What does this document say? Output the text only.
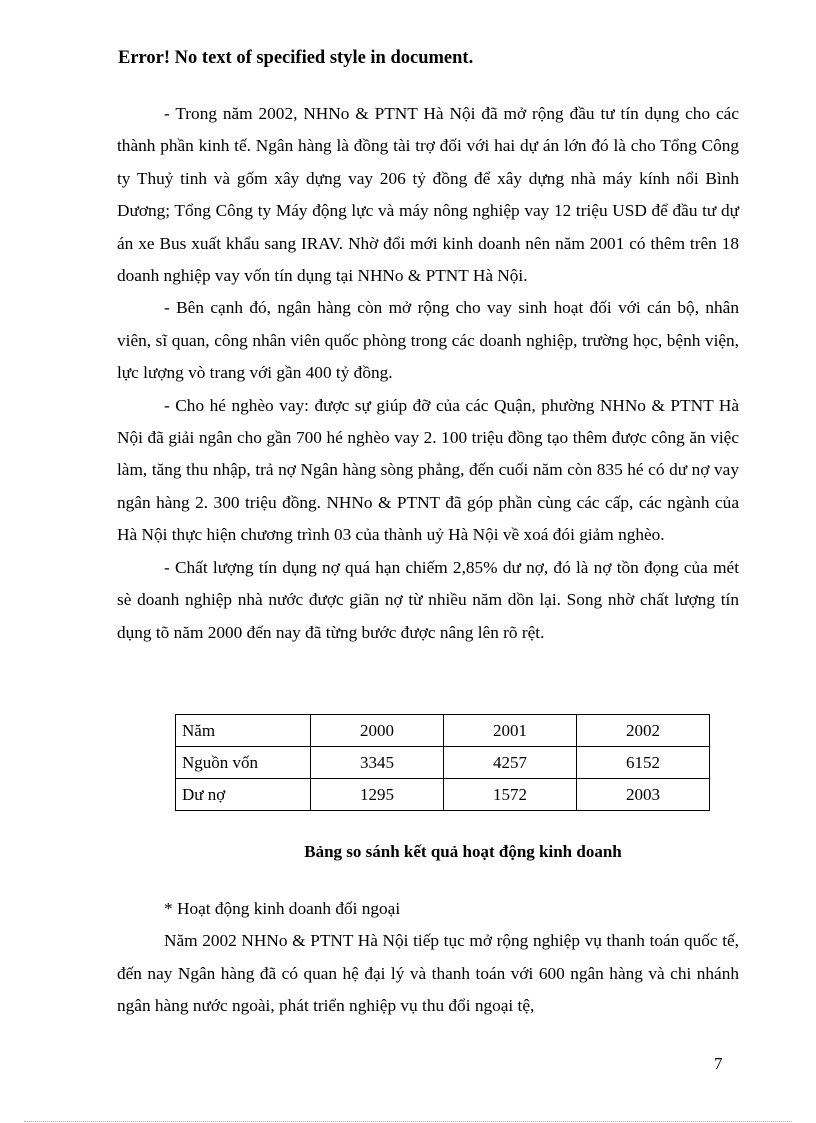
Error! No text of specified style in document.

- Trong năm 2002, NHNo & PTNT Hà Nội đã mở rộng đầu tư tín dụng cho các thành phần kinh tế. Ngân hàng là đồng tài trợ đối với hai dự án lớn đó là cho Tổng Công ty Thuỷ tinh và gốm xây dựng vay 206 tỷ đồng để xây dựng nhà máy kính nổi Bình Dương; Tổng Công ty Máy động lực và máy nông nghiệp vay 12 triệu USD để đầu tư dự án xe Bus xuất khẩu sang IRAV. Nhờ đổi mới kinh doanh nên năm 2001 có thêm trên 18 doanh nghiệp vay vốn tín dụng tại NHNo & PTNT Hà Nội.

- Bên cạnh đó, ngân hàng còn mở rộng cho vay sinh hoạt đối với cán bộ, nhân viên, sĩ quan, công nhân viên quốc phòng trong các doanh nghiệp, trường học, bệnh viện, lực lượng vò trang với gần 400 tỷ đồng.

- Cho hé nghèo vay: được sự giúp đỡ của các Quận, phường NHNo & PTNT Hà Nội đã giải ngân cho gần 700 hé nghèo vay 2. 100 triệu đồng tạo thêm được công ăn việc làm, tăng thu nhập, trả nợ Ngân hàng sòng phẳng, đến cuối năm còn 835 hé có dư nợ vay ngân hàng 2. 300 triệu đồng. NHNo & PTNT đã góp phần cùng các cấp, các ngành của Hà Nội thực hiện chương trình 03 của thành uỷ Hà Nội về xoá đói giảm nghèo.

- Chất lượng tín dụng nợ quá hạn chiếm 2,85% dư nợ, đó là nợ tồn đọng của mét sè doanh nghiệp nhà nước được giãn nợ từ nhiều năm dồn lại. Song nhờ chất lượng tín dụng tõ năm 2000 đến nay đã từng bước được nâng lên rõ rệt.

Năm	2000	2001	2002
Nguồn vốn	3345	4257	6152
Dư nợ	1295	1572	2003
Bảng so sánh kết quả hoạt động kinh doanh

* Hoạt động kinh doanh đối ngoại

Năm 2002 NHNo & PTNT Hà Nội tiếp tục mở rộng nghiệp vụ thanh toán quốc tế, đến nay Ngân hàng đã có quan hệ đại lý và thanh toán với 600 ngân hàng và chi nhánh ngân hàng nước ngoài, phát triển nghiệp vụ thu đổi ngoại tệ,

7
